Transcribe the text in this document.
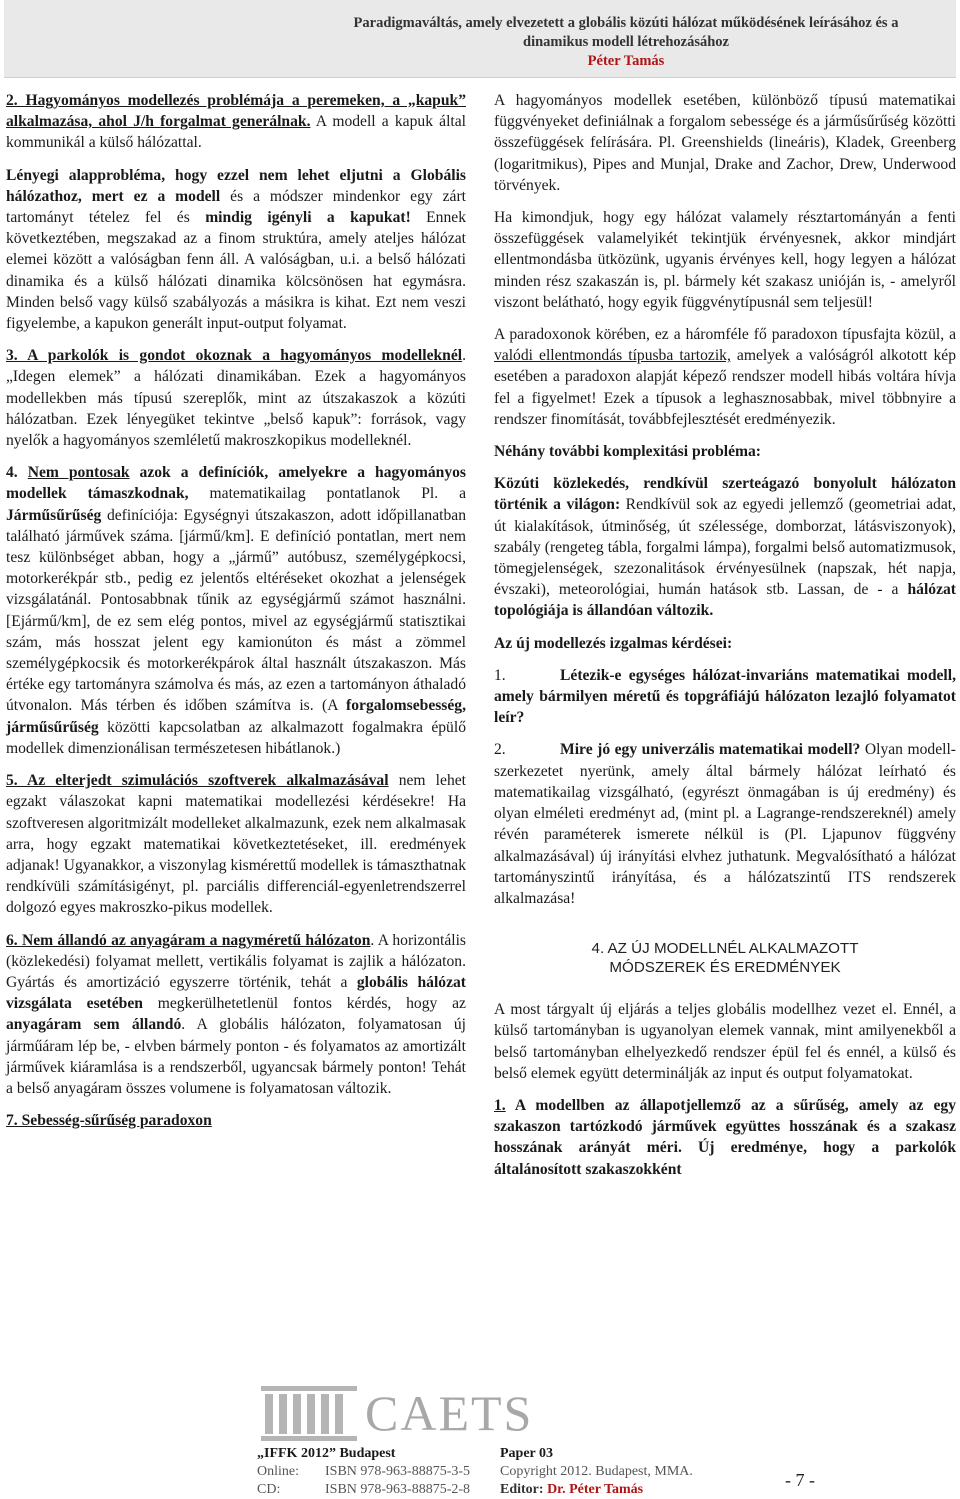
Paradigmaváltás, amely elvezetett a globális közúti hálózat működésének leírásához és a
dinamikus modell létrehozásához
Péter Tamás

2. Hagyományos modellezés problémája a peremeken, a „kapuk” alkalmazása, ahol J/h forgalmat generálnak. A modell a kapuk által kommunikál a külső hálózattal.

Lényegi alapprobléma, hogy ezzel nem lehet eljutni a Globális hálózathoz, mert ez a modell és a módszer mindenkor egy zárt tartományt tételez fel és mindig igényli a kapukat! Ennek következtében, megszakad az a finom struktúra, amely ateljes hálózat elemei között a valóságban fenn áll. A valóságban, u.i. a belső hálózati dinamika és a külső hálózati dinamika kölcsönösen hat egymásra. Minden belső vagy külső szabályozás a másikra is kihat. Ezt nem veszi figyelembe, a kapukon generált input-output folyamat.

3. A parkolók is gondot okoznak a hagyományos modelleknél. „Idegen elemek” a hálózati dinamikában. Ezek a hagyományos modellekben más típusú szereplők, mint az útszakaszok a közúti hálózatban. Ezek lényegüket tekintve „belső kapuk”: források, vagy nyelők a hagyományos szemléletű makroszkopikus modelleknél.

4. Nem pontosak azok a definíciók, amelyekre a hagyományos modellek támaszkodnak, matematikailag pontatlanok Pl. a Járműsűrűség definíciója: Egységnyi útszakaszon, adott időpillanatban található járművek száma. [jármű/km]. E definíció pontatlan, mert nem tesz különbséget abban, hogy a „jármű” autóbusz, személygépkocsi, motorkerékpár stb., pedig ez jelentős eltéréseket okozhat a jelenségek vizsgálatánál. Pontosabbnak tűnik az egységjármű számot használni. [Ejármű/km], de ez sem elég pontos, mivel az egységjármű statisztikai szám, más hosszat jelent egy kamionúton és mást a zömmel személygépkocsik és motorkerékpárok által használt útszakaszon. Más értéke egy tartományra számolva és más, az ezen a tartományon áthaladó útvonalon. Más térben és időben számítva is. (A forgalomsebesség, járműsűrűség közötti kapcsolatban az alkalmazott fogalmakra épülő modellek dimenzionálisan természetesen hibátlanok.)

5. Az elterjedt szimulációs szoftverek alkalmazásával nem lehet egzakt válaszokat kapni matematikai modellezési kérdésekre! Ha szoftveresen algoritmizált modelleket alkalmazunk, ezek nem alkalmasak arra, hogy egzakt matematikai következtetéseket, ill. eredmények adjanak! Ugyanakkor, a viszonylag kismérettű modellek is támaszthatnak rendkívüli számításigényt, pl. parciális differenciál-egyenletrendszerrel dolgozó egyes makroszko-pikus modellek.

6. Nem állandó az anyagáram a nagyméretű hálózaton. A horizontális (közlekedési) folyamat mellett, vertikális folyamat is zajlik a hálózaton. Gyártás és amortizáció egyszerre történik, tehát a globális hálózat vizsgálata esetében megkerülhetetlenül fontos kérdés, hogy az anyagáram sem állandó. A globális hálózaton, folyamatosan új járműáram lép be, - elvben bármely ponton - és folyamatos az amortizált járművek kiáramlása is a rendszerből, ugyancsak bármely ponton! Tehát a belső anyagáram összes volumene is folyamatosan változik.

7. Sebesség-sűrűség paradoxon

A hagyományos modellek esetében, különböző típusú matematikai függvényeket definiálnak a forgalom sebessége és a járműsűrűség közötti összefüggések felírására. Pl. Greenshields (lineáris), Kladek, Greenberg (logaritmikus), Pipes and Munjal, Drake and Zachor, Drew, Underwood törvények.

Ha kimondjuk, hogy egy hálózat valamely résztartományán a fenti összefüggések valamelyikét tekintjük érvényesnek, akkor mindjárt ellentmondásba ütközünk, ugyanis érvényes kell, hogy legyen a hálózat minden rész szakaszán is, pl. bármely két szakasz unióján is, - amelyről viszont belátható, hogy egyik függvénytípusnál sem teljesül!

A paradoxonok körében, ez a háromféle fő paradoxon típusfajta közül, a valódi ellentmondás típusba tartozik, amelyek a valóságról alkotott kép esetében a paradoxon alapját képező rendszer modell hibás voltára hívja fel a figyelmet! Ezek a típusok a leghasznosabbak, mivel többnyire a rendszer finomítását, továbbfejlesztését eredményezik.

Néhány további komplexitási probléma:

Közúti közlekedés, rendkívül szerteágazó bonyolult hálózaton történik a világon: Rendkívül sok az egyedi jellemző (geometriai adat, út kialakítások, útminőség, út szélessége, domborzat, látásviszonyok), szabály (rengeteg tábla, forgalmi lámpa), forgalmi belső automatizmusok, tömegjelenségek, szezonalitások érvényesülnek (napszak, hét napja, évszaki), meteorológiai, humán hatások stb. Lassan, de - a hálózat topológiája is állandóan változik.

Az új modellezés izgalmas kérdései:

1.	Létezik-e egységes hálózat-invariáns matematikai modell, amely bármilyen méretű és topgráfiájú hálózaton lezajló folyamatot leír?

2.	Mire jó egy univerzális matematikai modell? Olyan modell-szerkezetet nyerünk, amely által bármely hálózat leírható és matematikailag vizsgálható, (egyrészt önmagában is új eredmény) és olyan elméleti eredményt ad, (mint pl. a Lagrange-rendszereknél) amely révén paraméterek ismerete nélkül is (Pl. Ljapunov függvény alkalmazásával) új irányítási elvhez juthatunk. Megvalósítható a hálózat tartományszintű irányítása, és a hálózatszintű ITS rendszerek alkalmazása!

4. AZ ÚJ MODELLNÉL ALKALMAZOTT
MÓDSZEREK ÉS EREDMÉNYEK

A most tárgyalt új eljárás a teljes globális modellhez vezet el. Ennél, a külső tartományban is ugyanolyan elemek vannak, mint amilyenekből a belső tartományban elhelyezkedő rendszer épül fel és ennél, a külső és belső elemek együtt determinálják az input és output folyamatokat.

1. A modellben az állapotjellemző az a sűrűség, amely az egy szakaszon tartózkodó járművek együttes hosszának és a szakasz hosszának arányát méri. Új eredménye, hogy a parkolók általánosított szakaszokként

CAETS
„IFFK 2012” Budapest
Online: ISBN 978-963-88875-3-5
CD:	ISBN 978-963-88875-2-8
Paper 03
Copyright 2012. Budapest, MMA.
Editor: Dr. Péter Tamás	- 7 -
